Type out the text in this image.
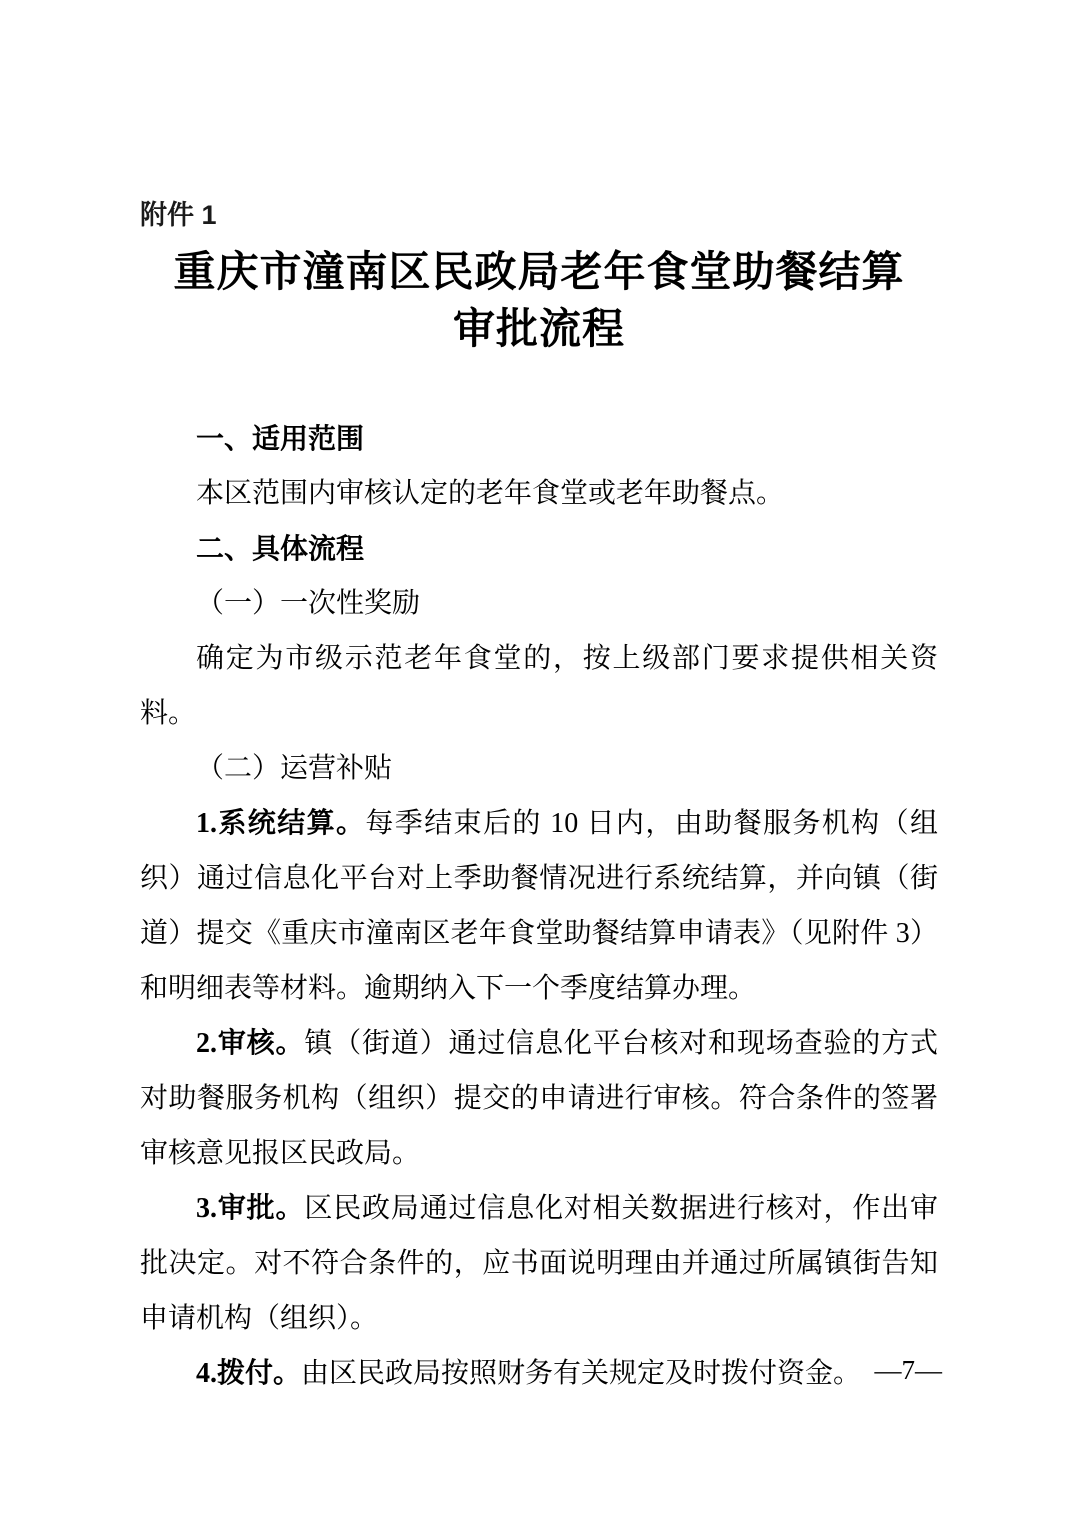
附件 1
重庆市潼南区民政局老年食堂助餐结算
审批流程

一、适用范围

本区范围内审核认定的老年食堂或老年助餐点。

二、具体流程

（一）一次性奖励

确定为市级示范老年食堂的，按上级部门要求提供相关资料。

（二）运营补贴

1.系统结算。每季结束后的 10 日内，由助餐服务机构（组织）通过信息化平台对上季助餐情况进行系统结算，并向镇（街道）提交《重庆市潼南区老年食堂助餐结算申请表》（见附件 3）和明细表等材料。逾期纳入下一个季度结算办理。

2.审核。镇（街道）通过信息化平台核对和现场查验的方式对助餐服务机构（组织）提交的申请进行审核。符合条件的签署审核意见报区民政局。

3.审批。区民政局通过信息化对相关数据进行核对，作出审批决定。对不符合条件的，应书面说明理由并通过所属镇街告知申请机构（组织）。

4.拨付。由区民政局按照财务有关规定及时拨付资金。 —7—
